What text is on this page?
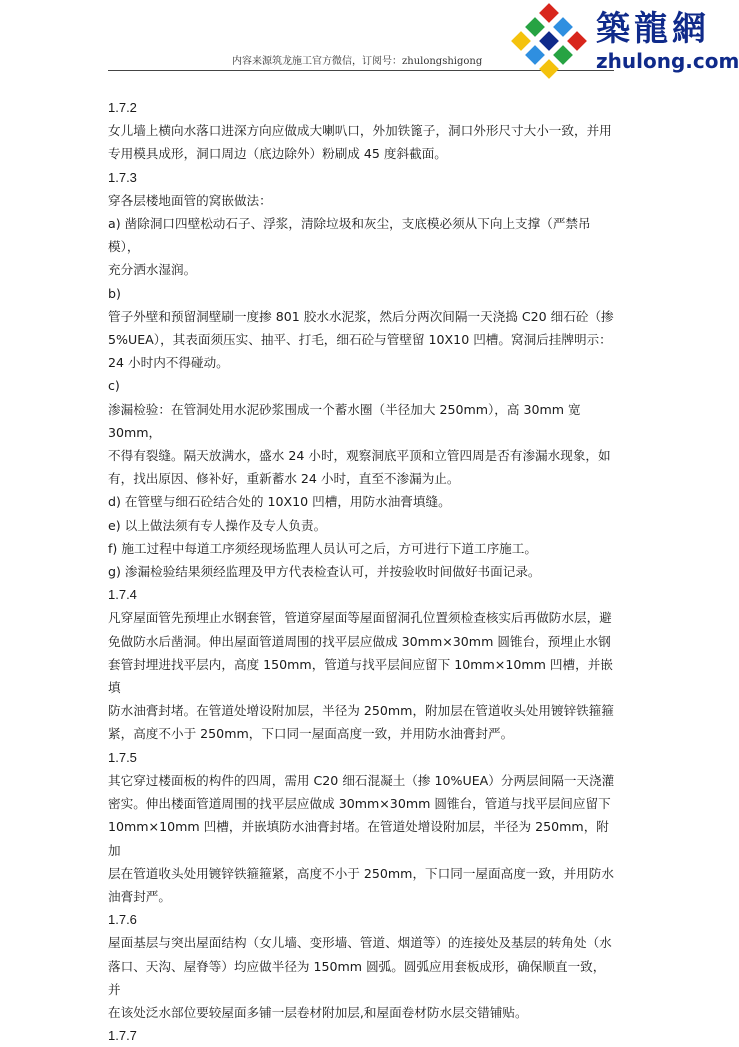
内容来源筑龙施工官方微信，订阅号：zhulongshigong
築龍網
zhulong.com

1.7.2

女儿墙上横向水落口进深方向应做成大喇叭口，外加铁篦子，洞口外形尺寸大小一致，并用

专用模具成形，洞口周边（底边除外）粉刷成 45 度斜截面。

1.7.3

穿各层楼地面管的窝嵌做法：

a) 凿除洞口四壁松动石子、浮浆，清除垃圾和灰尘，支底模必须从下向上支撑（严禁吊模），

充分洒水湿润。

b)

管子外壁和预留洞壁刷一度掺 801 胶水水泥浆，然后分两次间隔一天浇捣 C20 细石砼（掺

5%UEA），其表面须压实、抽平、打毛，细石砼与管壁留 10X10 凹槽。窝洞后挂牌明示：

24 小时内不得碰动。

c)

渗漏检验：在管洞处用水泥砂浆围成一个蓄水圈（半径加大 250mm），高 30mm 宽 30mm，

不得有裂缝。隔天放满水，盛水 24 小时，观察洞底平顶和立管四周是否有渗漏水现象，如

有，找出原因、修补好，重新蓄水 24 小时，直至不渗漏为止。

d) 在管壁与细石砼结合处的 10X10 凹槽，用防水油膏填缝。

e) 以上做法须有专人操作及专人负责。

f) 施工过程中每道工序须经现场监理人员认可之后，方可进行下道工序施工。

g) 渗漏检验结果须经监理及甲方代表检查认可，并按验收时间做好书面记录。

1.7.4

凡穿屋面管先预埋止水钢套管，管道穿屋面等屋面留洞孔位置须检查核实后再做防水层，避

免做防水后凿洞。伸出屋面管道周围的找平层应做成 30mm×30mm 圆锥台，预埋止水钢

套管封埋进找平层内，高度 150mm，管道与找平层间应留下 10mm×10mm 凹槽，并嵌填

防水油膏封堵。在管道处增设附加层，半径为 250mm，附加层在管道收头处用镀锌铁箍箍

紧，高度不小于 250mm，下口同一屋面高度一致，并用防水油膏封严。

1.7.5

其它穿过楼面板的构件的四周，需用 C20 细石混凝土（掺 10%UEA）分两层间隔一天浇灌

密实。伸出楼面管道周围的找平层应做成 30mm×30mm 圆锥台，管道与找平层间应留下

10mm×10mm 凹槽，并嵌填防水油膏封堵。在管道处增设附加层，半径为 250mm，附加

层在管道收头处用镀锌铁箍箍紧，高度不小于 250mm，下口同一屋面高度一致，并用防水

油膏封严。

1.7.6

屋面基层与突出屋面结构（女儿墙、变形墙、管道、烟道等）的连接处及基层的转角处（水

落口、天沟、屋脊等）均应做半径为 150mm 圆弧。圆弧应用套板成形，确保顺直一致，并

在该处泛水部位要较屋面多铺一层卷材附加层,和屋面卷材防水层交错铺贴。

1.7.7
